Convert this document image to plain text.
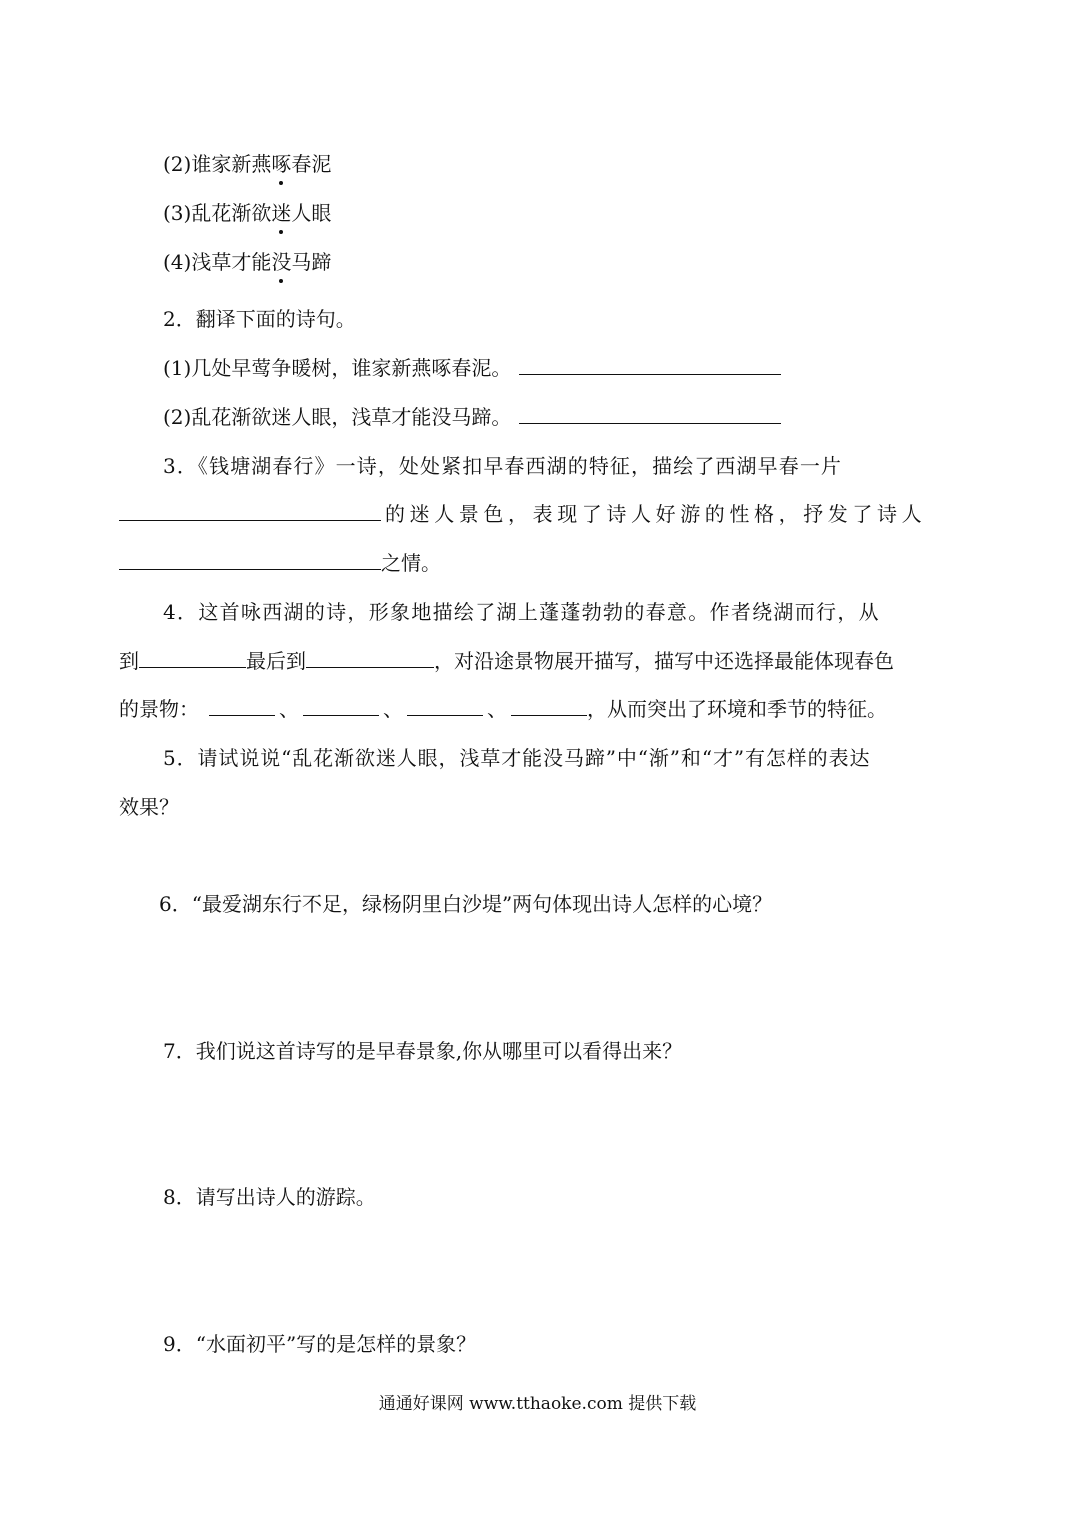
(2)谁家新燕啄春泥
(3)乱花渐欲迷人眼
(4)浅草才能没马蹄
2．翻译下面的诗句。
(1)几处早莺争暖树，谁家新燕啄春泥。
(2)乱花渐欲迷人眼，浅草才能没马蹄。
3．《钱塘湖春行》一诗，处处紧扣早春西湖的特征，描绘了西湖早春一片
的迷人景色，表现了诗人好游的性格，抒发了诗人
之情。
4．这首咏西湖的诗，形象地描绘了湖上蓬蓬勃勃的春意。作者绕湖而行，从
到	最后到	，对沿途景物展开描写，描写中还选择最能体现春色
的景物：	、	、	、	，从而突出了环境和季节的特征。
5．请试说说“乱花渐欲迷人眼，浅草才能没马蹄”中“渐”和“才”有怎样的表达
效果？
6．“最爱湖东行不足，绿杨阴里白沙堤”两句体现出诗人怎样的心境？
7．我们说这首诗写的是早春景象,你从哪里可以看得出来？
8．请写出诗人的游踪。
9．“水面初平”写的是怎样的景象？
通通好课网 www.tthaoke.com 提供下载
